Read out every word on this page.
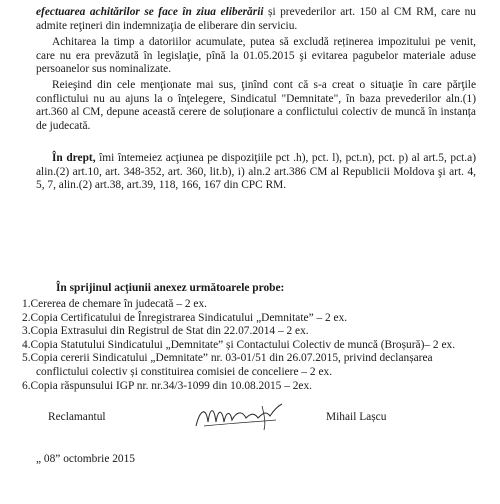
efectuarea achitărilor se face în ziua eliberării și prevederilor art. 150 al CM RM, care nu admite reţineri din indemnizaţia de eliberare din serviciu.

Achitarea la timp a datoriilor acumulate, putea să excludă reținerea impozitului pe venit, care nu era prevăzută în legislaţie, pînă la 01.05.2015 şi evitarea pagubelor materiale aduse persoanelor sus nominalizate.

Reieşind din cele menţionate mai sus, ţinînd cont că s-a creat o situaţie în care părţile conflictului nu au ajuns la o înţelegere, Sindicatul "Demnitate", în baza prevederilor aln.(1) art.360 al CM, depune această cerere de soluționare a conflictului colectiv de muncă în instanța de judecată.

În drept, îmi întemeiez acţiunea pe dispoziţiile pct .h), pct. l), pct.n), pct. p) al art.5, pct.a) alin.(2) art.10, art. 348-352, art. 360, lit.b), i) aln.2 art.386 CM al Republicii Moldova şi art. 4, 5, 7, alin.(2) art.38, art.39, 118, 166, 167 din CPC RM.

În sprijinul acțiunii anexez următoarele probe:

1.Cererea de chemare în judecată – 2 ex.
2.Copia Certificatului de Înregistrarea Sindicatului „Demnitate” – 2 ex.
3.Copia Extrasului din Registrul de Stat din 22.07.2014 – 2 ex.
4.Copia Statutului Sindicatului „Demnitate” și Contactului Colectiv de muncă (Broșură)– 2 ex.
5.Copia cererii Sindicatului „Demnitate” nr. 03-01/51 din 26.07.2015, privind declanșarea
conflictului colectiv și constituirea comisiei de conceliere – 2 ex.
6.Copia răspunsului IGP nr. nr.34/3-1099 din 10.08.2015 – 2ex.
Reclamantul	Mihail Lașcu
„ 08” octombrie 2015
